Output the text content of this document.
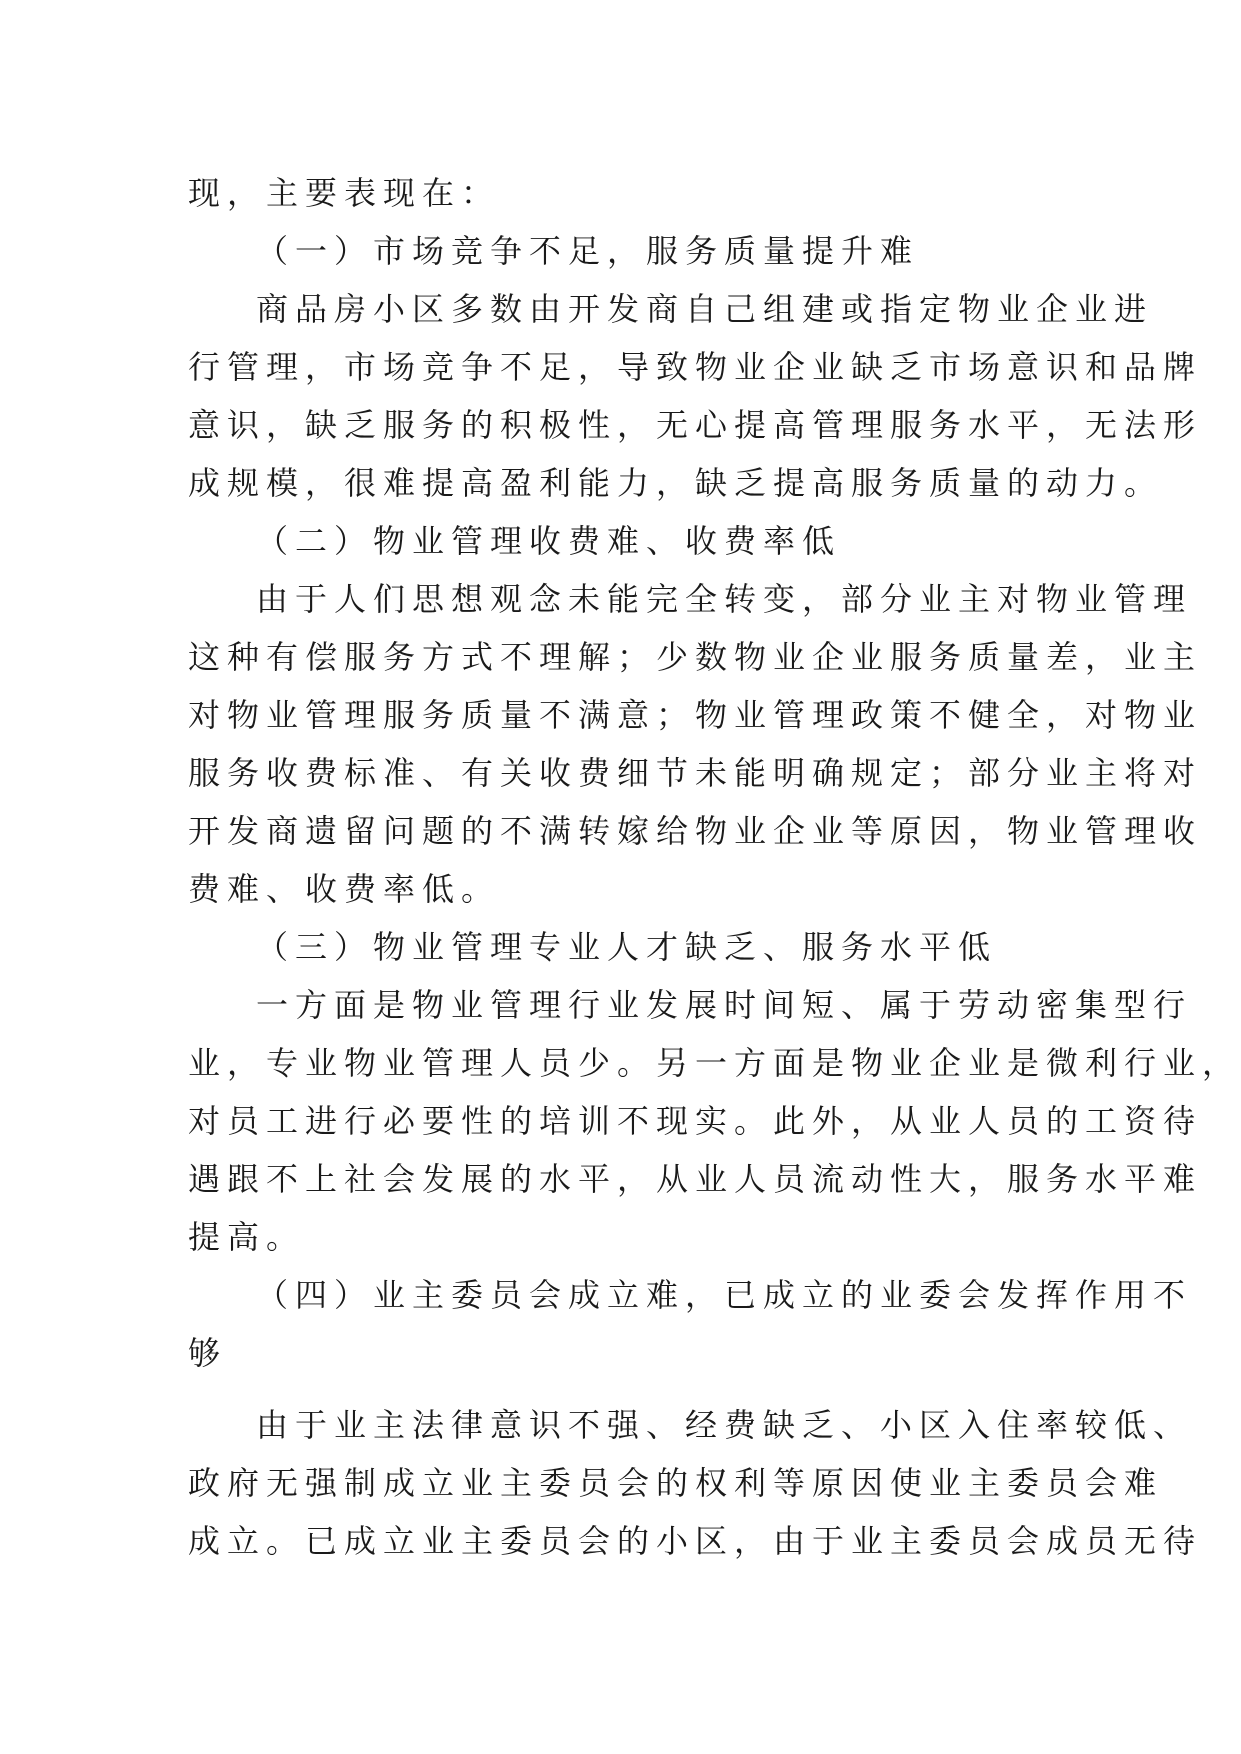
现，主要表现在：
（一）市场竞争不足，服务质量提升难
商品房小区多数由开发商自己组建或指定物业企业进
行管理，市场竞争不足，导致物业企业缺乏市场意识和品牌
意识，缺乏服务的积极性，无心提高管理服务水平，无法形
成规模，很难提高盈利能力，缺乏提高服务质量的动力。
（二）物业管理收费难、收费率低
由于人们思想观念未能完全转变，部分业主对物业管理
这种有偿服务方式不理解；少数物业企业服务质量差，业主
对物业管理服务质量不满意；物业管理政策不健全，对物业
服务收费标准、有关收费细节未能明确规定；部分业主将对
开发商遗留问题的不满转嫁给物业企业等原因，物业管理收
费难、收费率低。
（三）物业管理专业人才缺乏、服务水平低
一方面是物业管理行业发展时间短、属于劳动密集型行
业，专业物业管理人员少。另一方面是物业企业是微利行业，
对员工进行必要性的培训不现实。此外，从业人员的工资待
遇跟不上社会发展的水平，从业人员流动性大，服务水平难
提高。
（四）业主委员会成立难，已成立的业委会发挥作用不
够
由于业主法律意识不强、经费缺乏、小区入住率较低、
政府无强制成立业主委员会的权利等原因使业主委员会难
成立。已成立业主委员会的小区，由于业主委员会成员无待
